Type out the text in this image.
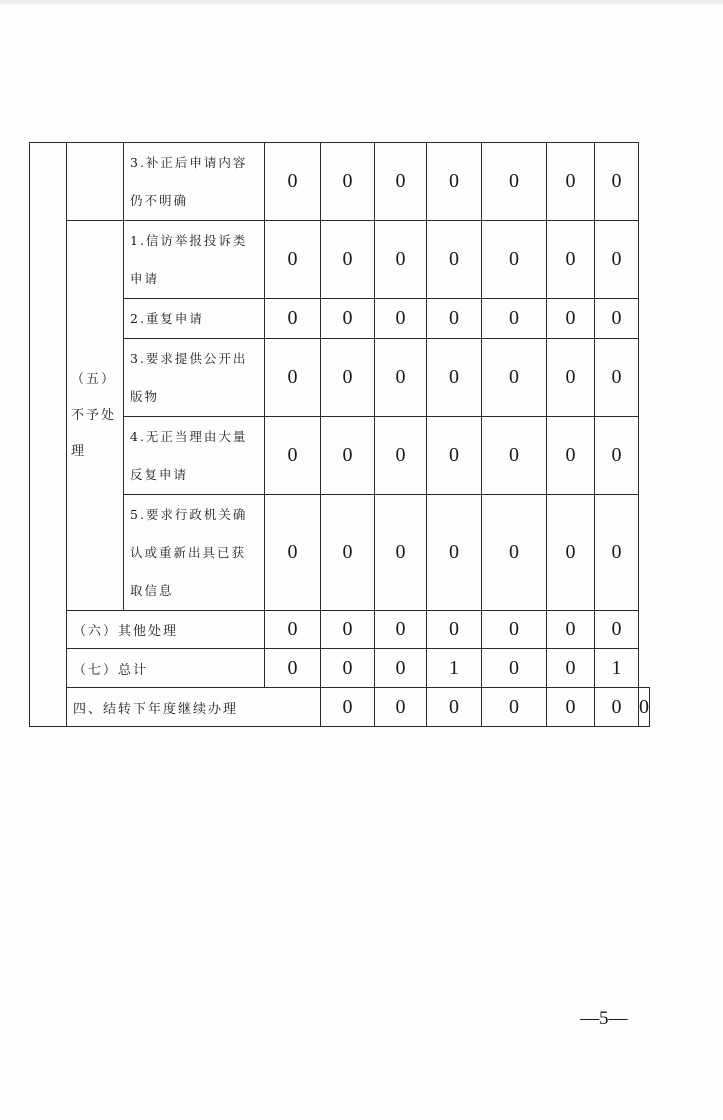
		3.补正后申请内容仍不明确	0	0	0	0	0	0	0	
	（五）不予处理	1.信访举报投诉类申请	0	0	0	0	0	0	0	
		2.重复申请	0	0	0	0	0	0	0	
		3.要求提供公开出版物	0	0	0	0	0	0	0	
		4.无正当理由大量反复申请	0	0	0	0	0	0	0	
		5.要求行政机关确认或重新出具已获取信息	0	0	0	0	0	0	0	
	（六）其他处理		0	0	0	0	0	0	0	
	（七）总计		0	0	0	1	0	0	1	
	四、结转下年度继续办理			0	0	0	0	0	0	0
—5—
